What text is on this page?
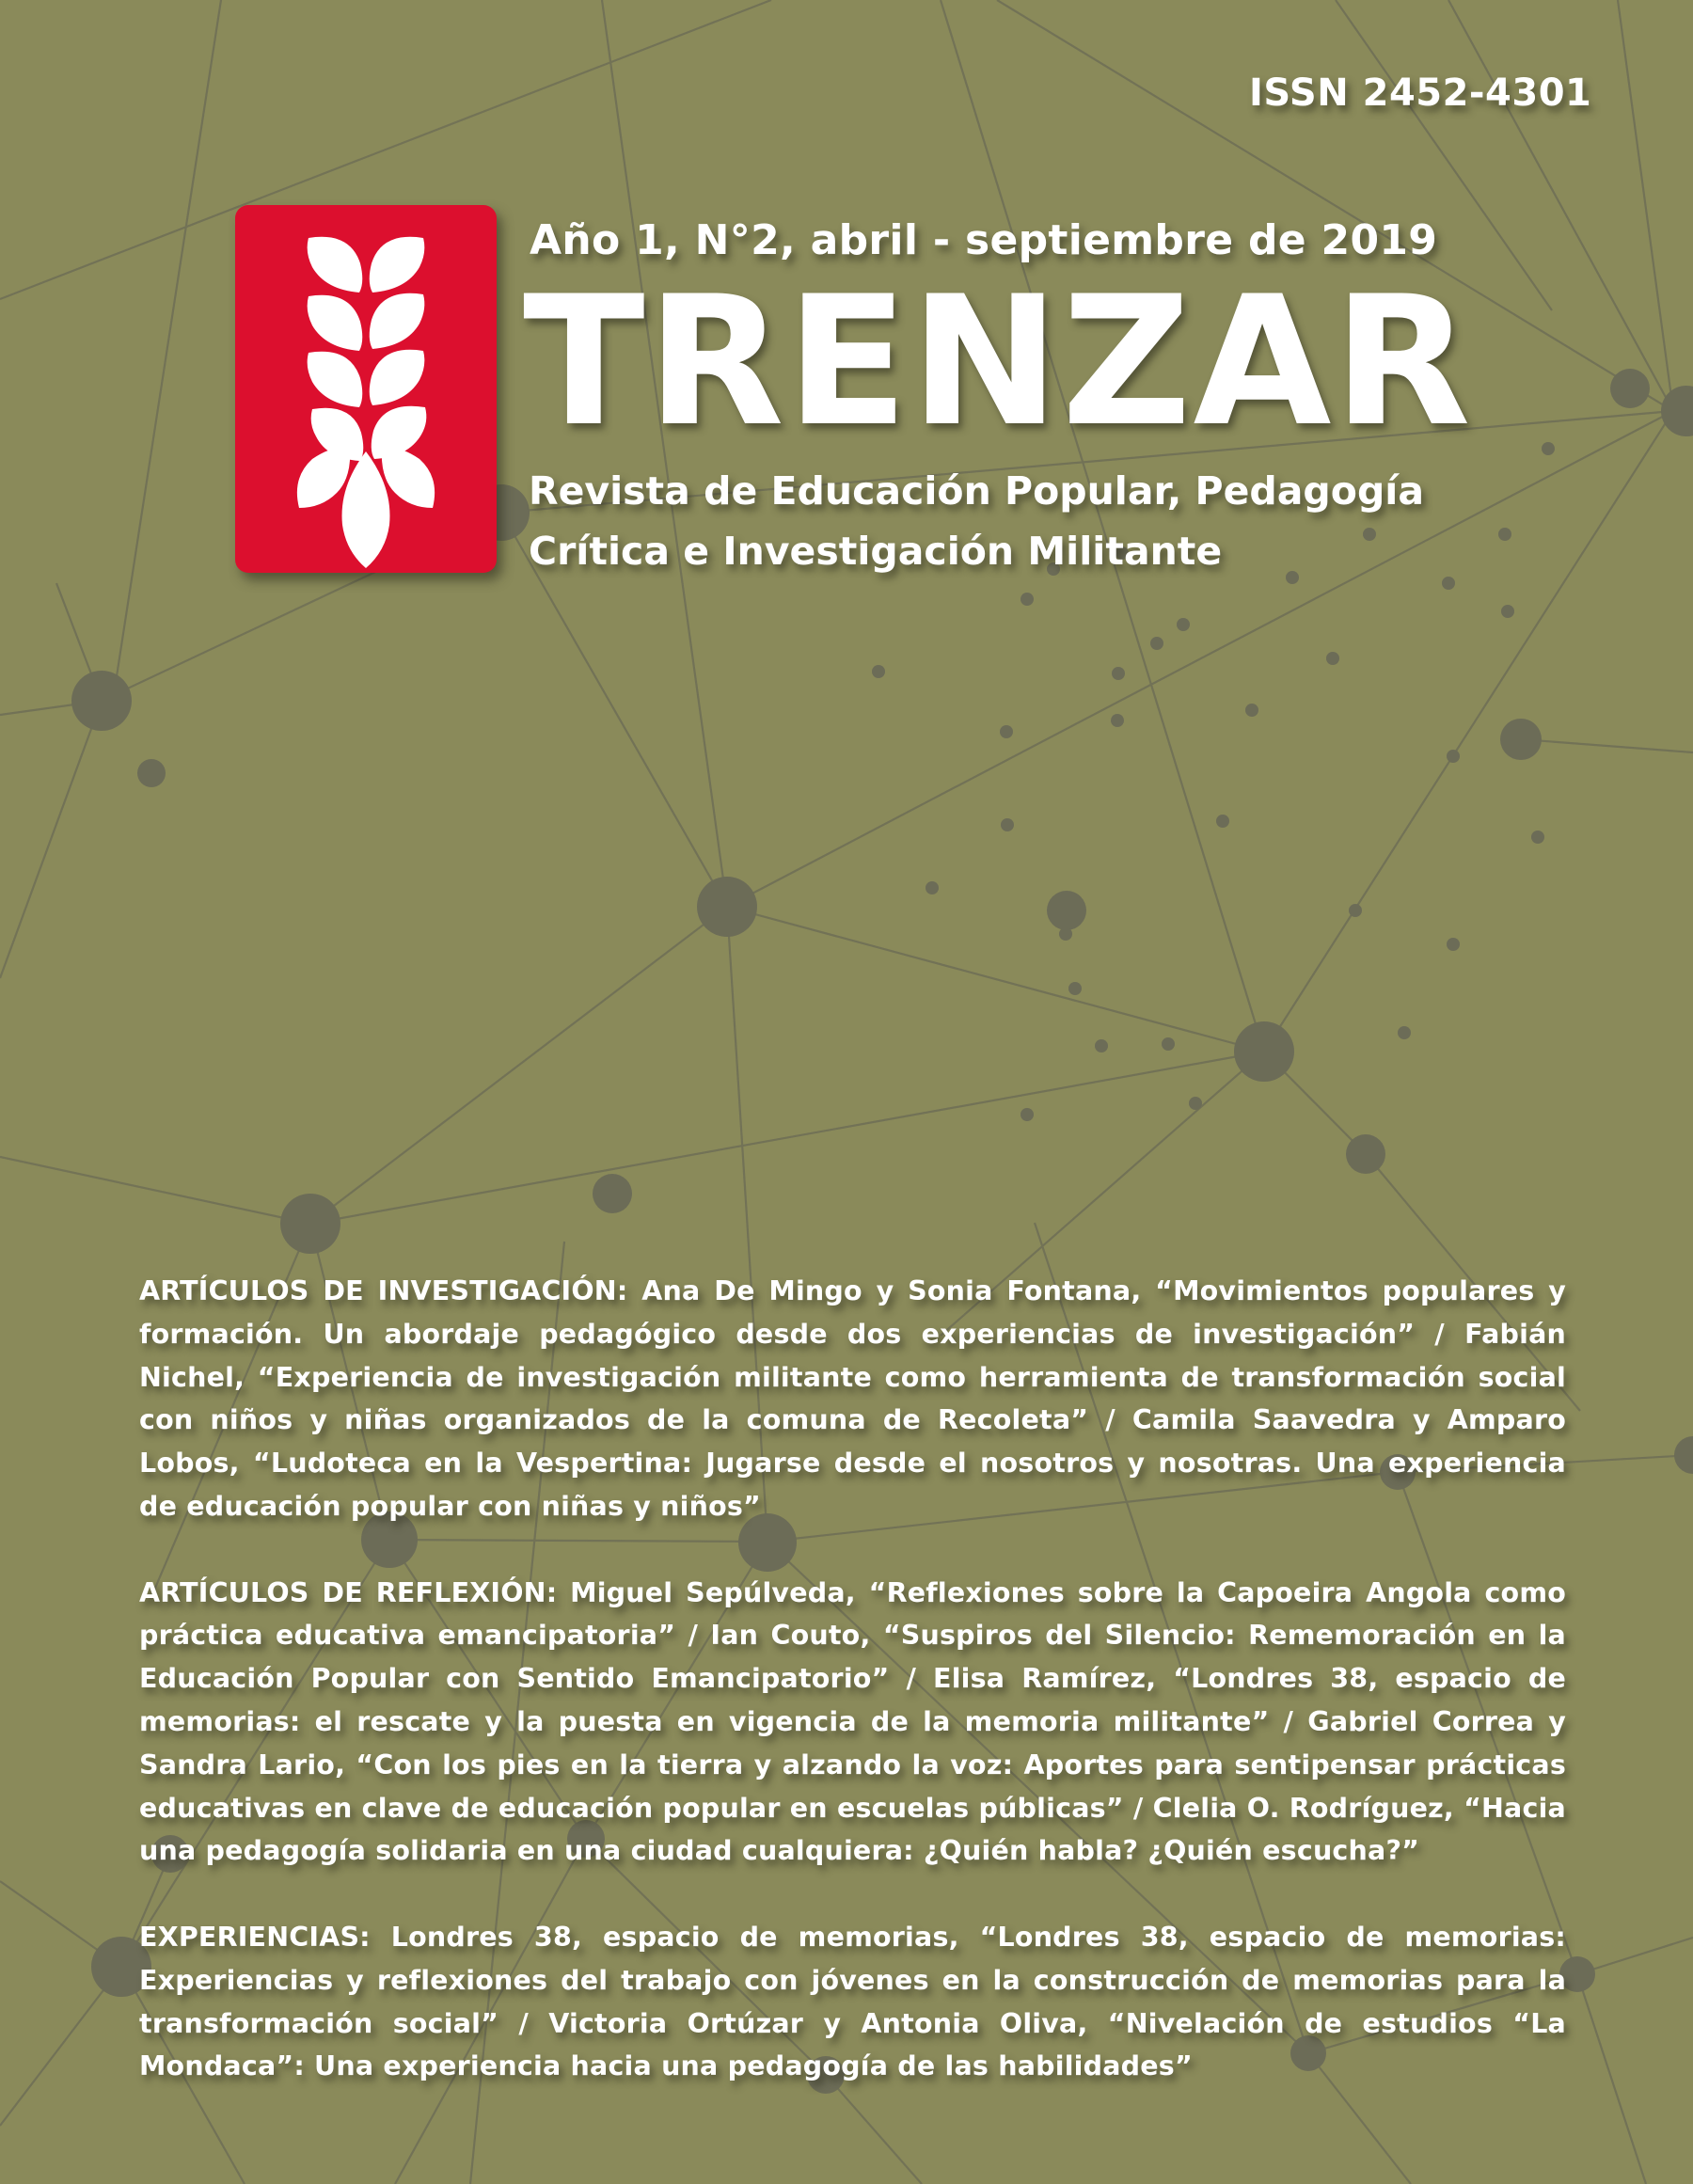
ISSN 2452-4301
Año 1, N°2, abril - septiembre de 2019
TRENZAR
Revista de Educación Popular, Pedagogía
Crítica e Investigación Militante

ARTÍCULOS DE INVESTIGACIÓN: Ana De Mingo y Sonia Fontana, “Movimientos populares y formación. Un abordaje pedagógico desde dos experiencias de investigación” / Fabián Nichel, “Experiencia de investigación militante como herramienta de transformación social con niños y niñas organizados de la comuna de Recoleta” / Camila Saavedra y Amparo Lobos, “Ludoteca en la Vespertina: Jugarse desde el nosotros y nosotras. Una experiencia de educación popular con niñas y niños”

ARTÍCULOS DE REFLEXIÓN: Miguel Sepúlveda, “Reflexiones sobre la Capoeira Angola como práctica educativa emancipatoria” / Ian Couto, “Suspiros del Silencio: Rememoración en la Educación Popular con Sentido Emancipatorio” / Elisa Ramírez, “Londres 38, espacio de memorias: el rescate y la puesta en vigencia de la memoria militante” / Gabriel Correa y Sandra Lario, “Con los pies en la tierra y alzando la voz: Aportes para sentipensar prácticas educativas en clave de educación popular en escuelas públicas” / Clelia O. Rodríguez, “Hacia una pedagogía solidaria en una ciudad cualquiera: ¿Quién habla? ¿Quién escucha?”

EXPERIENCIAS: Londres 38, espacio de memorias, “Londres 38, espacio de memorias: Experiencias y reflexiones del trabajo con jóvenes en la construcción de memorias para la transformación social” / Victoria Ortúzar y Antonia Oliva, “Nivelación de estudios “La Mondaca”: Una experiencia hacia una pedagogía de las habilidades”
